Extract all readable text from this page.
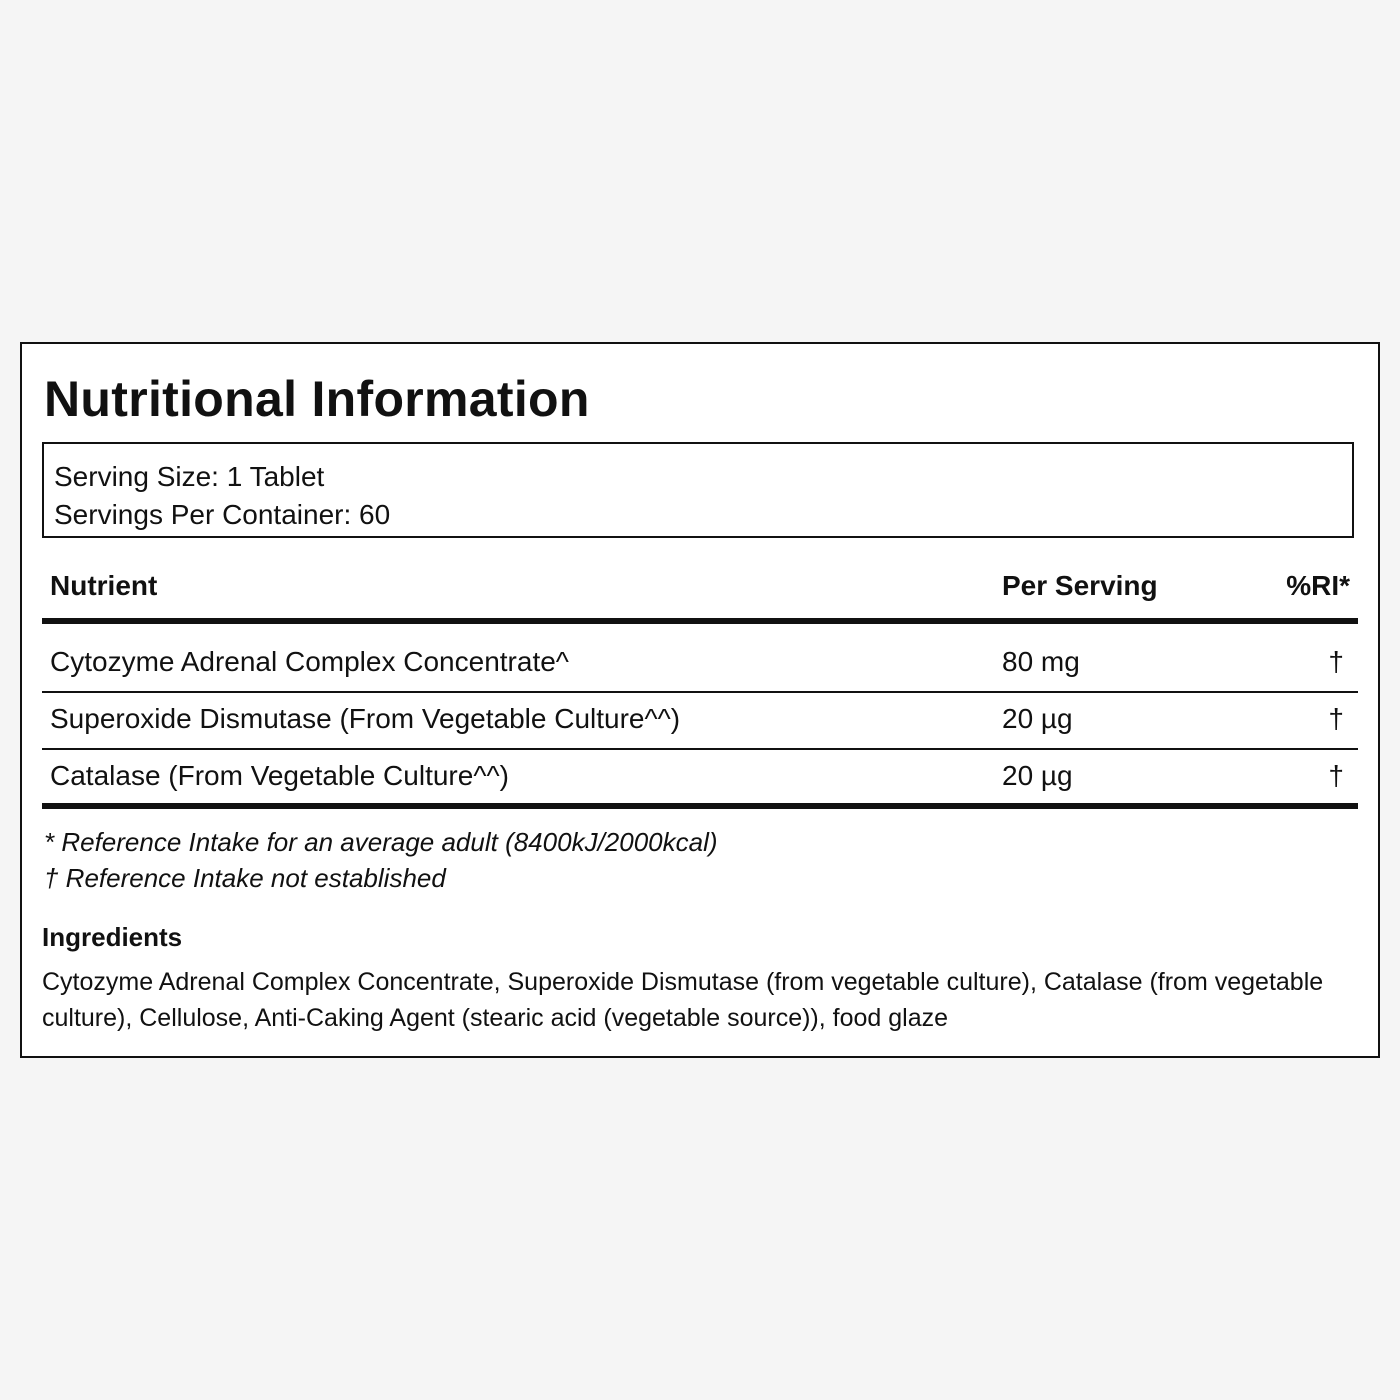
Nutritional Information
Serving Size: 1 Tablet
Servings Per Container: 60
Nutrient	Per Serving	%RI*
Cytozyme Adrenal Complex Concentrate^	80 mg	†
Superoxide Dismutase (From Vegetable Culture^^)	20 µg	†
Catalase (From Vegetable Culture^^)	20 µg	†
* Reference Intake for an average adult (8400kJ/2000kcal)
† Reference Intake not established
Ingredients
Cytozyme Adrenal Complex Concentrate, Superoxide Dismutase (from vegetable culture), Catalase (from vegetable culture), Cellulose, Anti-Caking Agent (stearic acid (vegetable source)), food glaze
